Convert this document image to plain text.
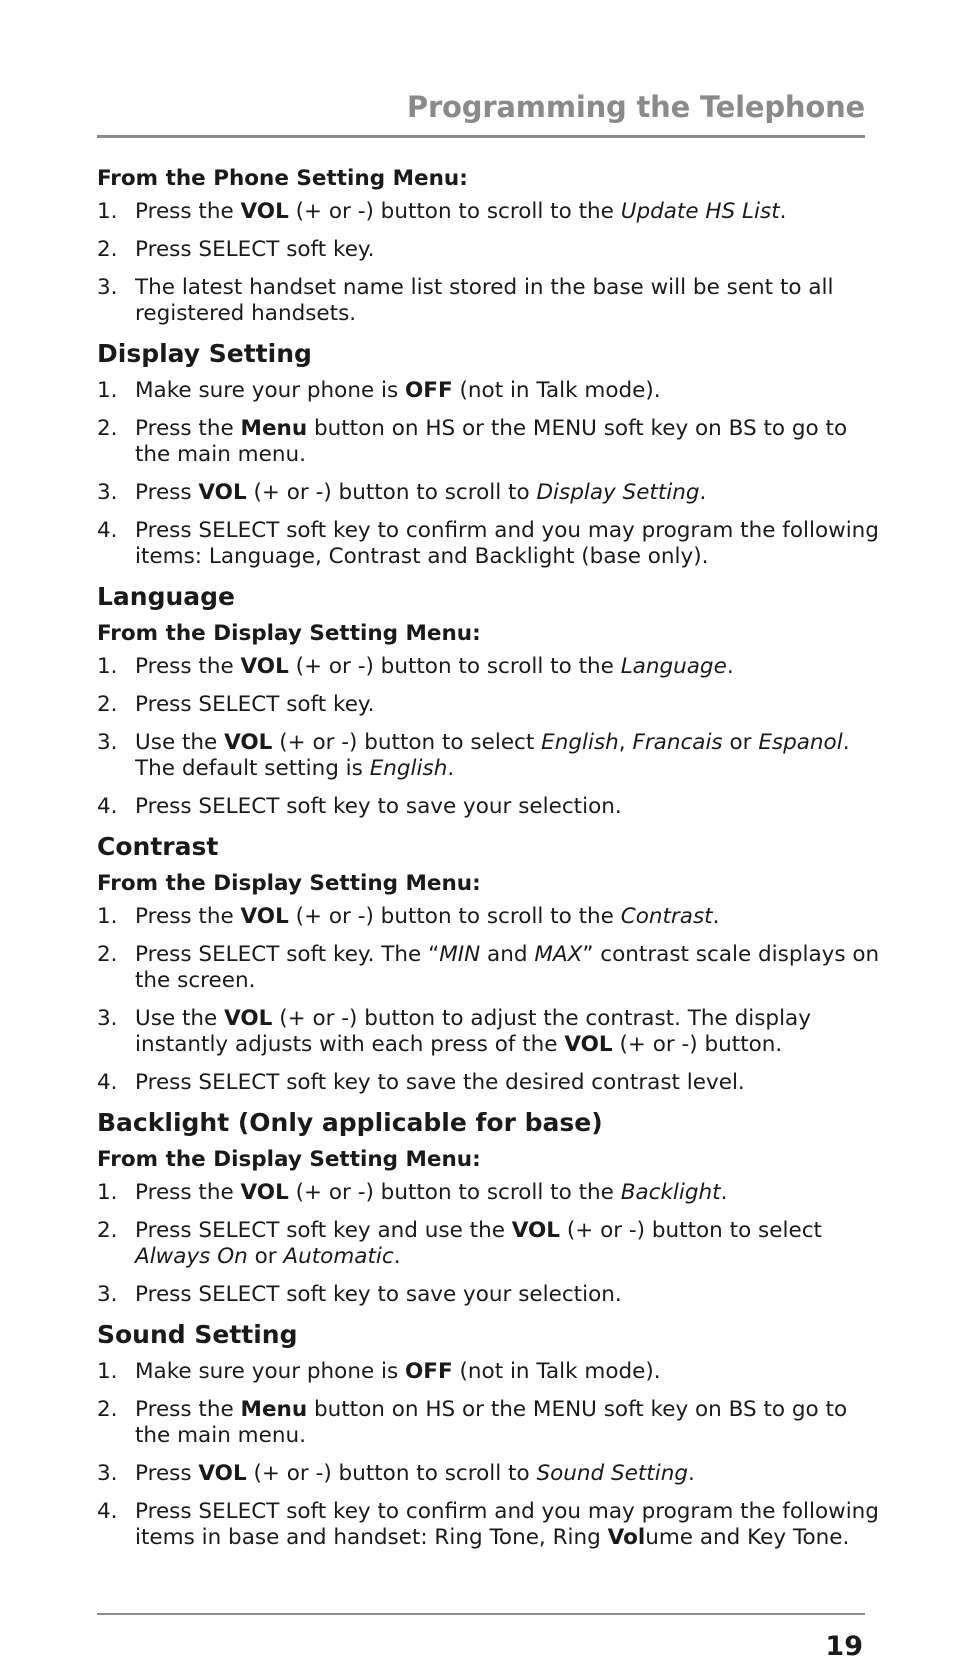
Programming the Telephone
From the Phone Setting Menu:
1. Press the VOL (+ or -) button to scroll to the Update HS List.
2. Press SELECT soft key.
3. The latest handset name list stored in the base will be sent to all registered handsets.
Display Setting
1. Make sure your phone is OFF (not in Talk mode).
2. Press the Menu button on HS or the MENU soft key on BS to go to the main menu.
3. Press VOL (+ or -) button to scroll to Display Setting.
4. Press SELECT soft key to confirm and you may program the following items: Language, Contrast and Backlight (base only).
Language
From the Display Setting Menu:
1. Press the VOL (+ or -) button to scroll to the Language.
2. Press SELECT soft key.
3. Use the VOL (+ or -) button to select English, Francais or Espanol. The default setting is English.
4. Press SELECT soft key to save your selection.
Contrast
From the Display Setting Menu:
1. Press the VOL (+ or -) button to scroll to the Contrast.
2. Press SELECT soft key. The “MIN and MAX” contrast scale displays on the screen.
3. Use the VOL (+ or -) button to adjust the contrast. The display instantly adjusts with each press of the VOL (+ or -) button.
4. Press SELECT soft key to save the desired contrast level.
Backlight (Only applicable for base)
From the Display Setting Menu:
1. Press the VOL (+ or -) button to scroll to the Backlight.
2. Press SELECT soft key and use the VOL (+ or -) button to select Always On or Automatic.
3. Press SELECT soft key to save your selection.
Sound Setting
1. Make sure your phone is OFF (not in Talk mode).
2. Press the Menu button on HS or the MENU soft key on BS to go to the main menu.
3. Press VOL (+ or -) button to scroll to Sound Setting.
4. Press SELECT soft key to confirm and you may program the following items in base and handset: Ring Tone, Ring Volume and Key Tone.
19
